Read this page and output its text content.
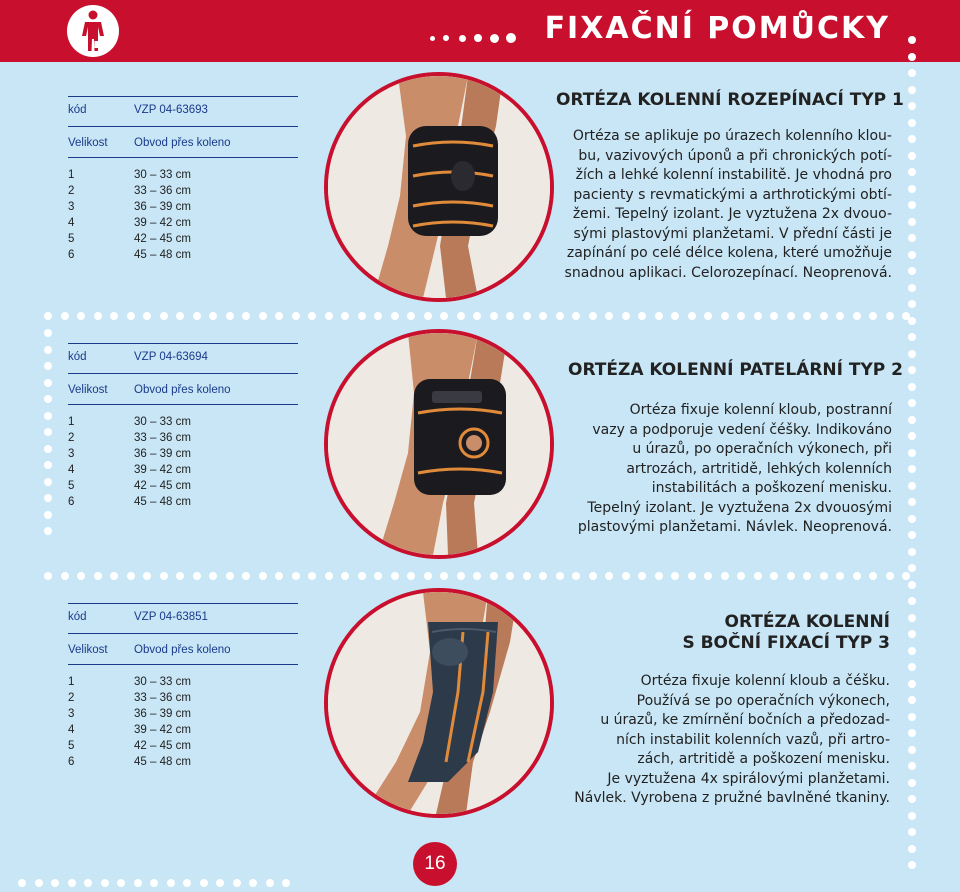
FIXAČNÍ POMŮCKY
kód	VZP 04-63693
Velikost Obvod přes koleno
1	30 – 33 cm
2	33 – 36 cm
3	36 – 39 cm
4	39 – 42 cm
5	42 – 45 cm
6	45 – 48 cm
ORTÉZA KOLENNÍ ROZEPÍNACÍ TYP 1
Ortéza se aplikuje po úrazech kolenního klou-
bu, vazivových úponů a při chronických potí-
žích a lehké kolenní instabilitě. Je vhodná pro
pacienty s revmatickými a arthrotickými obtí-
žemi. Tepelný izolant. Je vyztužena 2x dvouo-
sými plastovými planžetami. V přední části je
zapínání po celé délce kolena, které umožňuje
snadnou aplikaci. Celorozepínací. Neoprenová.
kód	VZP 04-63694
Velikost Obvod přes koleno
1	30 – 33 cm
2	33 – 36 cm
3	36 – 39 cm
4	39 – 42 cm
5	42 – 45 cm
6	45 – 48 cm
ORTÉZA KOLENNÍ PATELÁRNÍ TYP 2
Ortéza fixuje kolenní kloub, postranní
vazy a podporuje vedení čéšky. Indikováno
u úrazů, po operačních výkonech, při
artrozách, artritidě, lehkých kolenních
instabilitách a poškození menisku.
Tepelný izolant. Je vyztužena 2x dvouosými
plastovými planžetami. Návlek. Neoprenová.
kód	VZP 04-63851
Velikost Obvod přes koleno
1	30 – 33 cm
2	33 – 36 cm
3	36 – 39 cm
4	39 – 42 cm
5	42 – 45 cm
6	45 – 48 cm
ORTÉZA KOLENNÍ
S BOČNÍ FIXACÍ TYP 3
Ortéza fixuje kolenní kloub a čéšku.
Používá se po operačních výkonech,
u úrazů, ke zmírnění bočních a předozad-
ních instabilit kolenních vazů, při artro-
zách, artritidě a poškození menisku.
Je vyztužena 4x spirálovými planžetami.
Návlek. Vyrobena z pružné bavlněné tkaniny.
16
